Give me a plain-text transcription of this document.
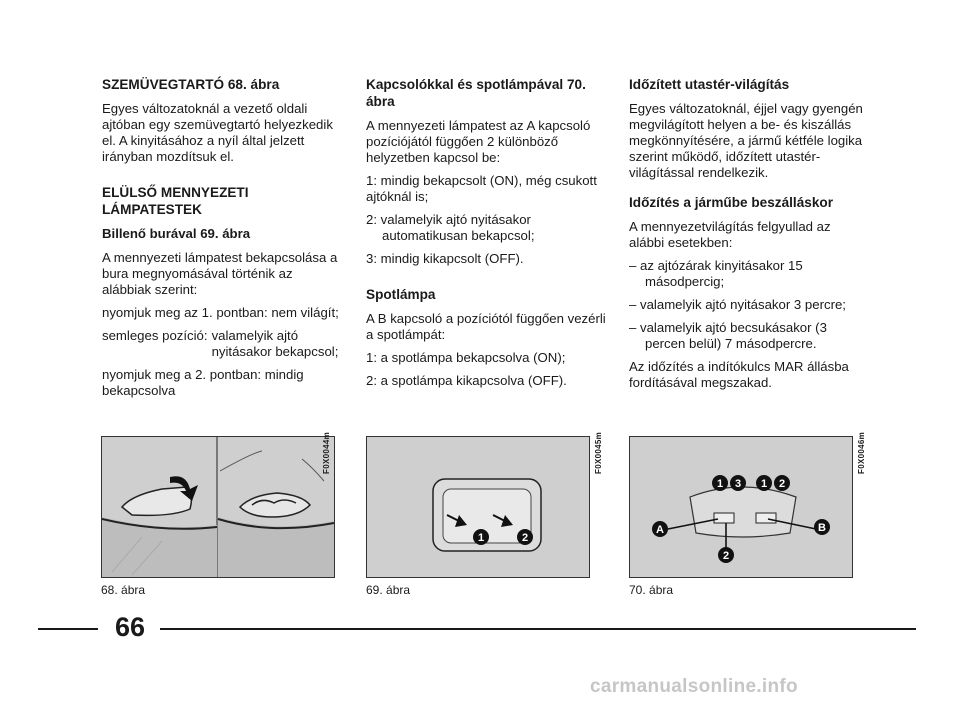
SZEMÜVEGTARTÓ 68. ábra

Egyes változatoknál a vezető oldali ajtóban egy szemüvegtartó helyezkedik el. A kinyitásához a nyíl által jelzett irányban mozdítsuk el.

ELÜLSŐ MENNYEZETI
LÁMPATESTEK
Billenő burával 69. ábra

A mennyezeti lámpatest bekapcsolása a bura megnyomásával történik az alábbiak szerint:

nyomjuk meg az 1. pontban: nem világít;

semleges pozíció: valamelyik ajtó nyitásakor bekapcsol;

nyomjuk meg a 2. pontban: mindig bekapcsolva

Kapcsolókkal és spotlámpával 70. ábra

A mennyezeti lámpatest az A kapcsoló pozíciójától függően 2 különböző helyzetben kapcsol be:

1: mindig bekapcsolt (ON), még csukott ajtóknál is;

2: valamelyik ajtó nyitásakor automatikusan bekapcsol;

3: mindig kikapcsolt (OFF).

Spotlámpa

A B kapcsoló a pozíciótól függően vezérli a spotlámpát:

1: a spotlámpa bekapcsolva (ON);

2: a spotlámpa kikapcsolva (OFF).

Időzített utastér-világítás

Egyes változatoknál, éjjel vagy gyengén megvilágított helyen a be- és kiszállás megkönnyítésére, a jármű kétféle logika szerint működő, időzített utastér-világítással rendelkezik.

Időzítés a járműbe beszálláskor

A mennyezetvilágítás felgyullad az alábbi esetekben:

– az ajtózárak kinyitásakor 15 másodpercig;

– valamelyik ajtó nyitásakor 3 percre;

– valamelyik ajtó becsukásakor (3 percen belül) 7 másodpercre.

Az időzítés a indítókulcs MAR állásba fordításával megszakad.

F0X0044m
68. ábra
1	2
F0X0045m
69. ábra
1 3 1 2
A	B
2
F0X0046m
70. ábra
66
carmanualsonline.info
